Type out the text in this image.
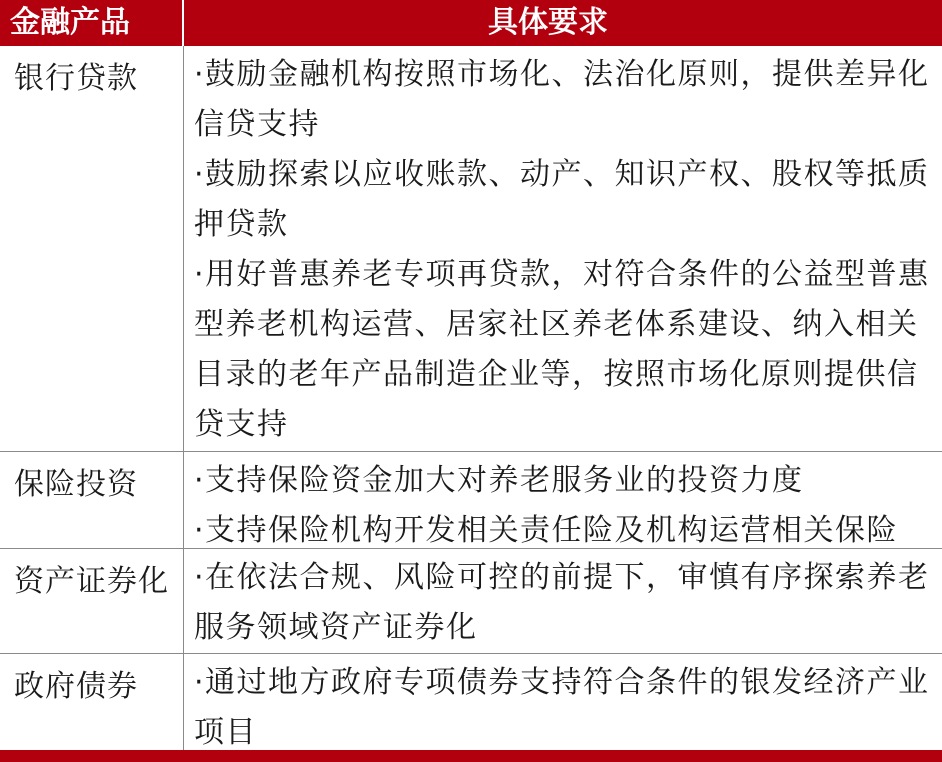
金融产品	具体要求
银行贷款	·鼓励金融机构按照市场化、法治化原则，提供差异化信贷支持
·鼓励探索以应收账款、动产、知识产权、股权等抵质押贷款
·用好普惠养老专项再贷款，对符合条件的公益型普惠型养老机构运营、居家社区养老体系建设、纳入相关目录的老年产品制造企业等，按照市场化原则提供信贷支持
保险投资	·支持保险资金加大对养老服务业的投资力度
·支持保险机构开发相关责任险及机构运营相关保险
资产证券化 ·在依法合规、风险可控的前提下，审慎有序探索养老服务领域资产证券化
政府债券	·通过地方政府专项债券支持符合条件的银发经济产业项目
